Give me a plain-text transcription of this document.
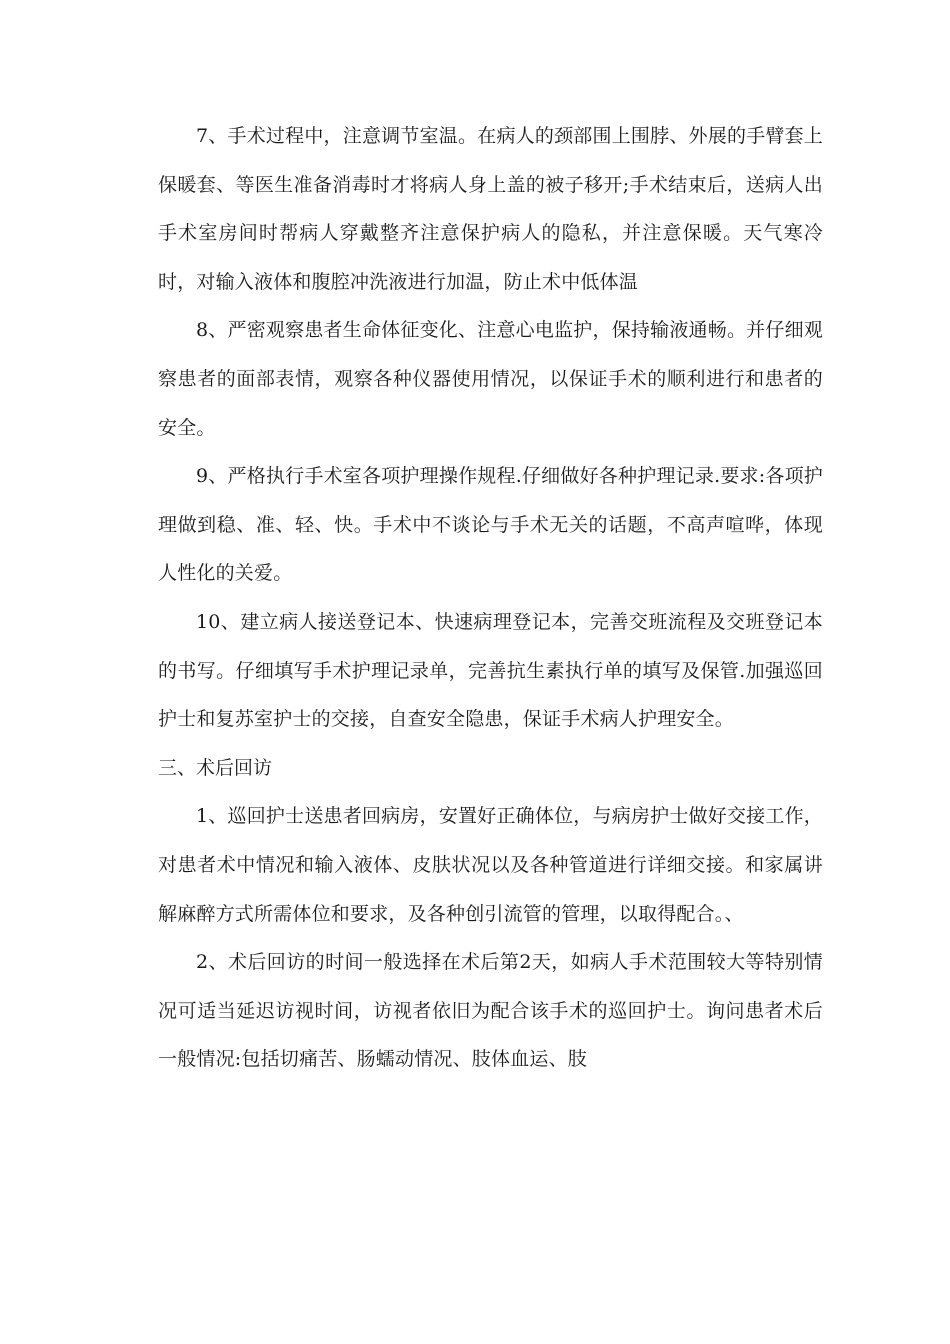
7、手术过程中，注意调节室温。在病人的颈部围上围脖、外展的手臂套上保暖套、等医生准备消毒时才将病人身上盖的被子移开;手术结束后，送病人出手术室房间时帮病人穿戴整齐注意保护病人的隐私，并注意保暖。天气寒冷时，对输入液体和腹腔冲洗液进行加温，防止术中低体温

8、严密观察患者生命体征变化、注意心电监护，保持输液通畅。并仔细观察患者的面部表情，观察各种仪器使用情况，以保证手术的顺利进行和患者的安全。

9、严格执行手术室各项护理操作规程.仔细做好各种护理记录.要求:各项护理做到稳、准、轻、快。手术中不谈论与手术无关的话题，不高声喧哗，体现人性化的关爱。

10、建立病人接送登记本、快速病理登记本，完善交班流程及交班登记本的书写。仔细填写手术护理记录单，完善抗生素执行单的填写及保管.加强巡回护士和复苏室护士的交接，自查安全隐患，保证手术病人护理安全。

三、术后回访

1、巡回护士送患者回病房，安置好正确体位，与病房护士做好交接工作，对患者术中情况和输入液体、皮肤状况以及各种管道进行详细交接。和家属讲解麻醉方式所需体位和要求，及各种创引流管的管理，以取得配合。、

2、术后回访的时间一般选择在术后第2天，如病人手术范围较大等特别情况可适当延迟访视时间，访视者依旧为配合该手术的巡回护士。询问患者术后一般情况:包括切痛苦、肠蠕动情况、肢体血运、肢
